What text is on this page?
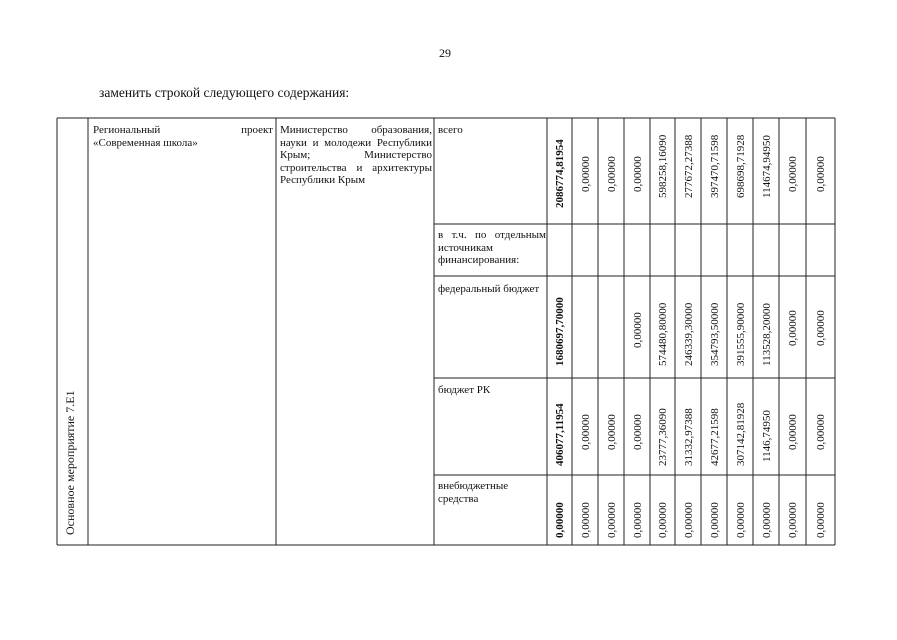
29
заменить строкой следующего содержания:
Основное мероприятие 7.Е1
2086774,81954 0,00000 0,00000 0,00000 598258,16090 277672,27388 397470,71598 698698,71928 114674,94950 0,00000 0,00000
1680697,70000	0,00000 574480,80000 246339,30000 354793,50000 391555,90000 113528,20000 0,00000 0,00000
406077,11954 0,00000 0,00000 0,00000 23777,36090 31332,97388 42677,21598 307142,81928 1146,74950 0,00000 0,00000
0,00000 0,00000 0,00000 0,00000 0,00000 0,00000 0,00000 0,00000 0,00000 0,00000 0,00000
Региональный	проект
«Современная школа»
Министерство образования, науки и молодежи Республики Крым; Министерство строительства и архитектуры Республики Крым
всего
в т.ч. по отдельным источникам финансирования:
федеральный бюджет
бюджет РК
внебюджетные средства
